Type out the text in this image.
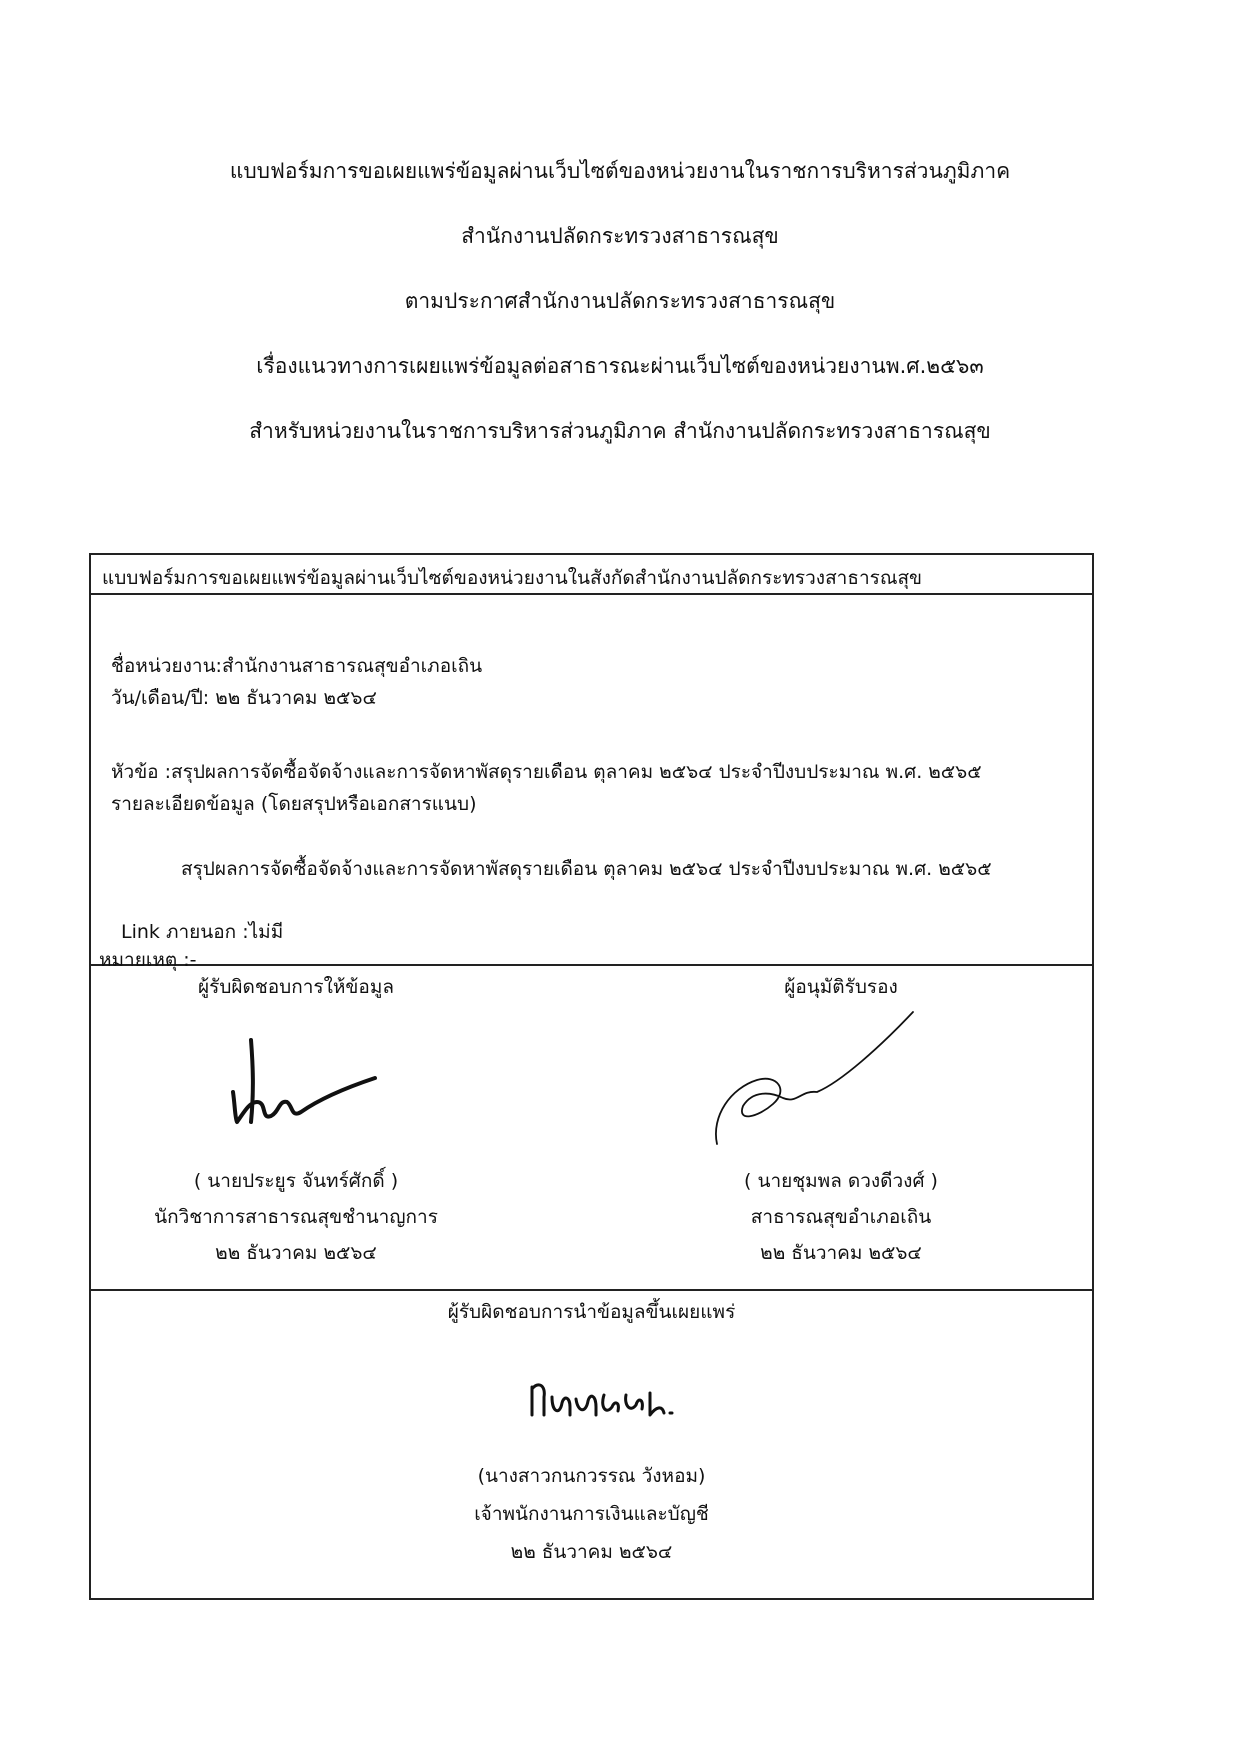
แบบฟอร์มการขอเผยแพร่ข้อมูลผ่านเว็บไซต์ของหน่วยงานในราชการบริหารส่วนภูมิภาค
สำนักงานปลัดกระทรวงสาธารณสุข
ตามประกาศสำนักงานปลัดกระทรวงสาธารณสุข
เรื่องแนวทางการเผยแพร่ข้อมูลต่อสาธารณะผ่านเว็บไซต์ของหน่วยงานพ.ศ.๒๕๖๓
สำหรับหน่วยงานในราชการบริหารส่วนภูมิภาค สำนักงานปลัดกระทรวงสาธารณสุข
แบบฟอร์มการขอเผยแพร่ข้อมูลผ่านเว็บไซต์ของหน่วยงานในสังกัดสำนักงานปลัดกระทรวงสาธารณสุข
ชื่อหน่วยงาน:สำนักงานสาธารณสุขอำเภอเถิน
วัน/เดือน/ปี: ๒๒ ธันวาคม ๒๕๖๔
หัวข้อ :สรุปผลการจัดซื้อจัดจ้างและการจัดหาพัสดุรายเดือน ตุลาคม ๒๕๖๔ ประจำปีงบประมาณ พ.ศ. ๒๕๖๕
รายละเอียดข้อมูล (โดยสรุปหรือเอกสารแนบ)
สรุปผลการจัดซื้อจัดจ้างและการจัดหาพัสดุรายเดือน ตุลาคม ๒๕๖๔ ประจำปีงบประมาณ พ.ศ. ๒๕๖๕
Link ภายนอก :ไม่มี
หมายเหตุ :-
ผู้รับผิดชอบการให้ข้อมูล
( นายประยูร จันทร์ศักดิ์ )
นักวิชาการสาธารณสุขชำนาญการ
๒๒ ธันวาคม ๒๕๖๔
ผู้อนุมัติรับรอง
( นายชุมพล ดวงดีวงศ์ )
สาธารณสุขอำเภอเถิน
๒๒ ธันวาคม ๒๕๖๔
ผู้รับผิดชอบการนำข้อมูลขึ้นเผยแพร่
(นางสาวกนกวรรณ วังหอม)
เจ้าพนักงานการเงินและบัญชี
๒๒ ธันวาคม ๒๕๖๔
